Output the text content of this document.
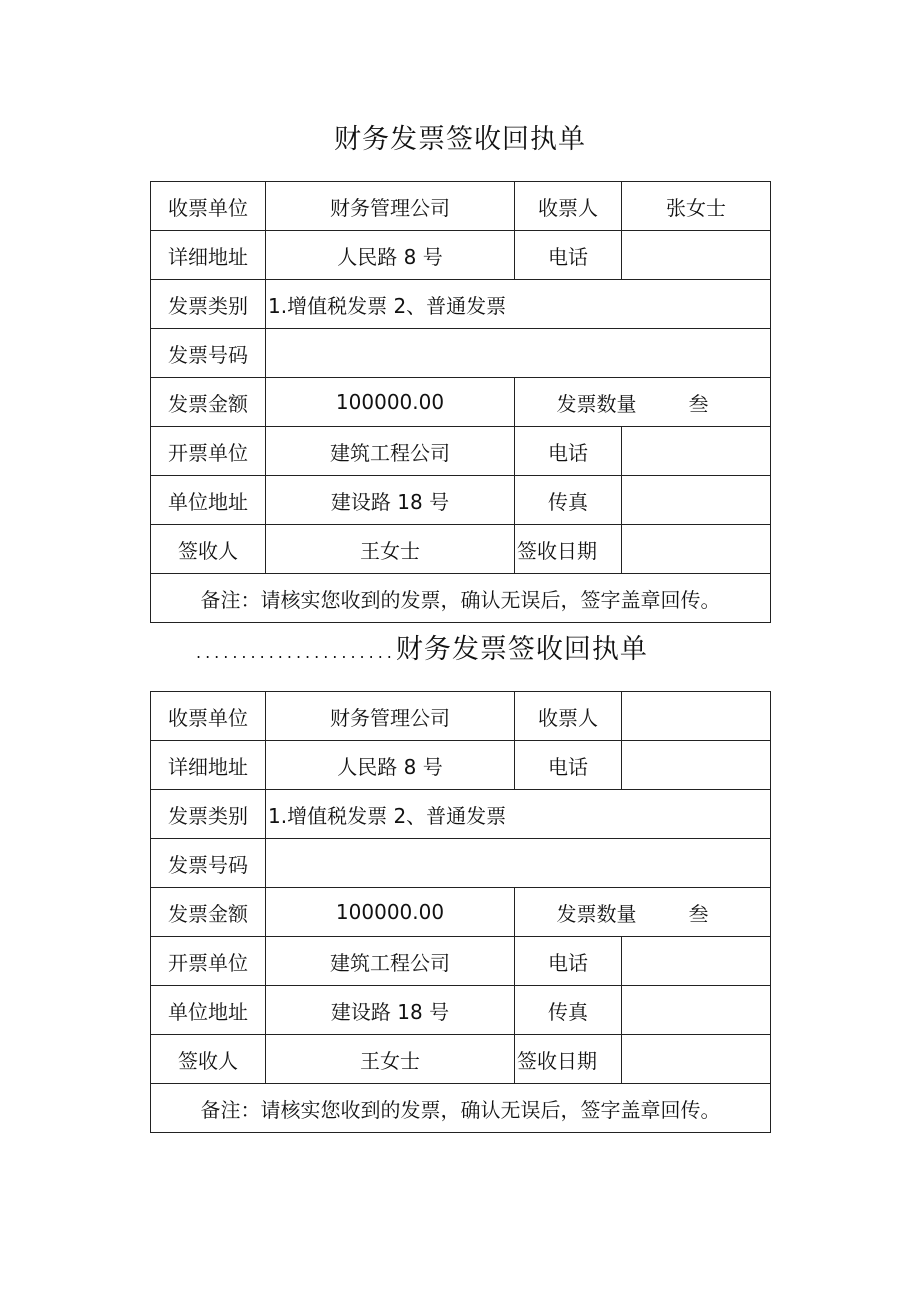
财务发票签收回执单
收票单位	财务管理公司	收票人	张女士
详细地址	人民路 8 号	电话	
发票类别	1.增值税发票 2、普通发票		
发票号码			
发票金额	100000.00	发票数量 叁	
开票单位	建筑工程公司	电话	
单位地址	建设路 18 号	传真	
签收人	王女士	签收日期	
备注：请核实您收到的发票，确认无误后，签字盖章回传。			
......................财务发票签收回执单
收票单位	财务管理公司	收票人	
详细地址	人民路 8 号	电话	
发票类别	1.增值税发票 2、普通发票		
发票号码			
发票金额	100000.00	发票数量 叁	
开票单位	建筑工程公司	电话	
单位地址	建设路 18 号	传真	
签收人	王女士	签收日期	
备注：请核实您收到的发票，确认无误后，签字盖章回传。			
